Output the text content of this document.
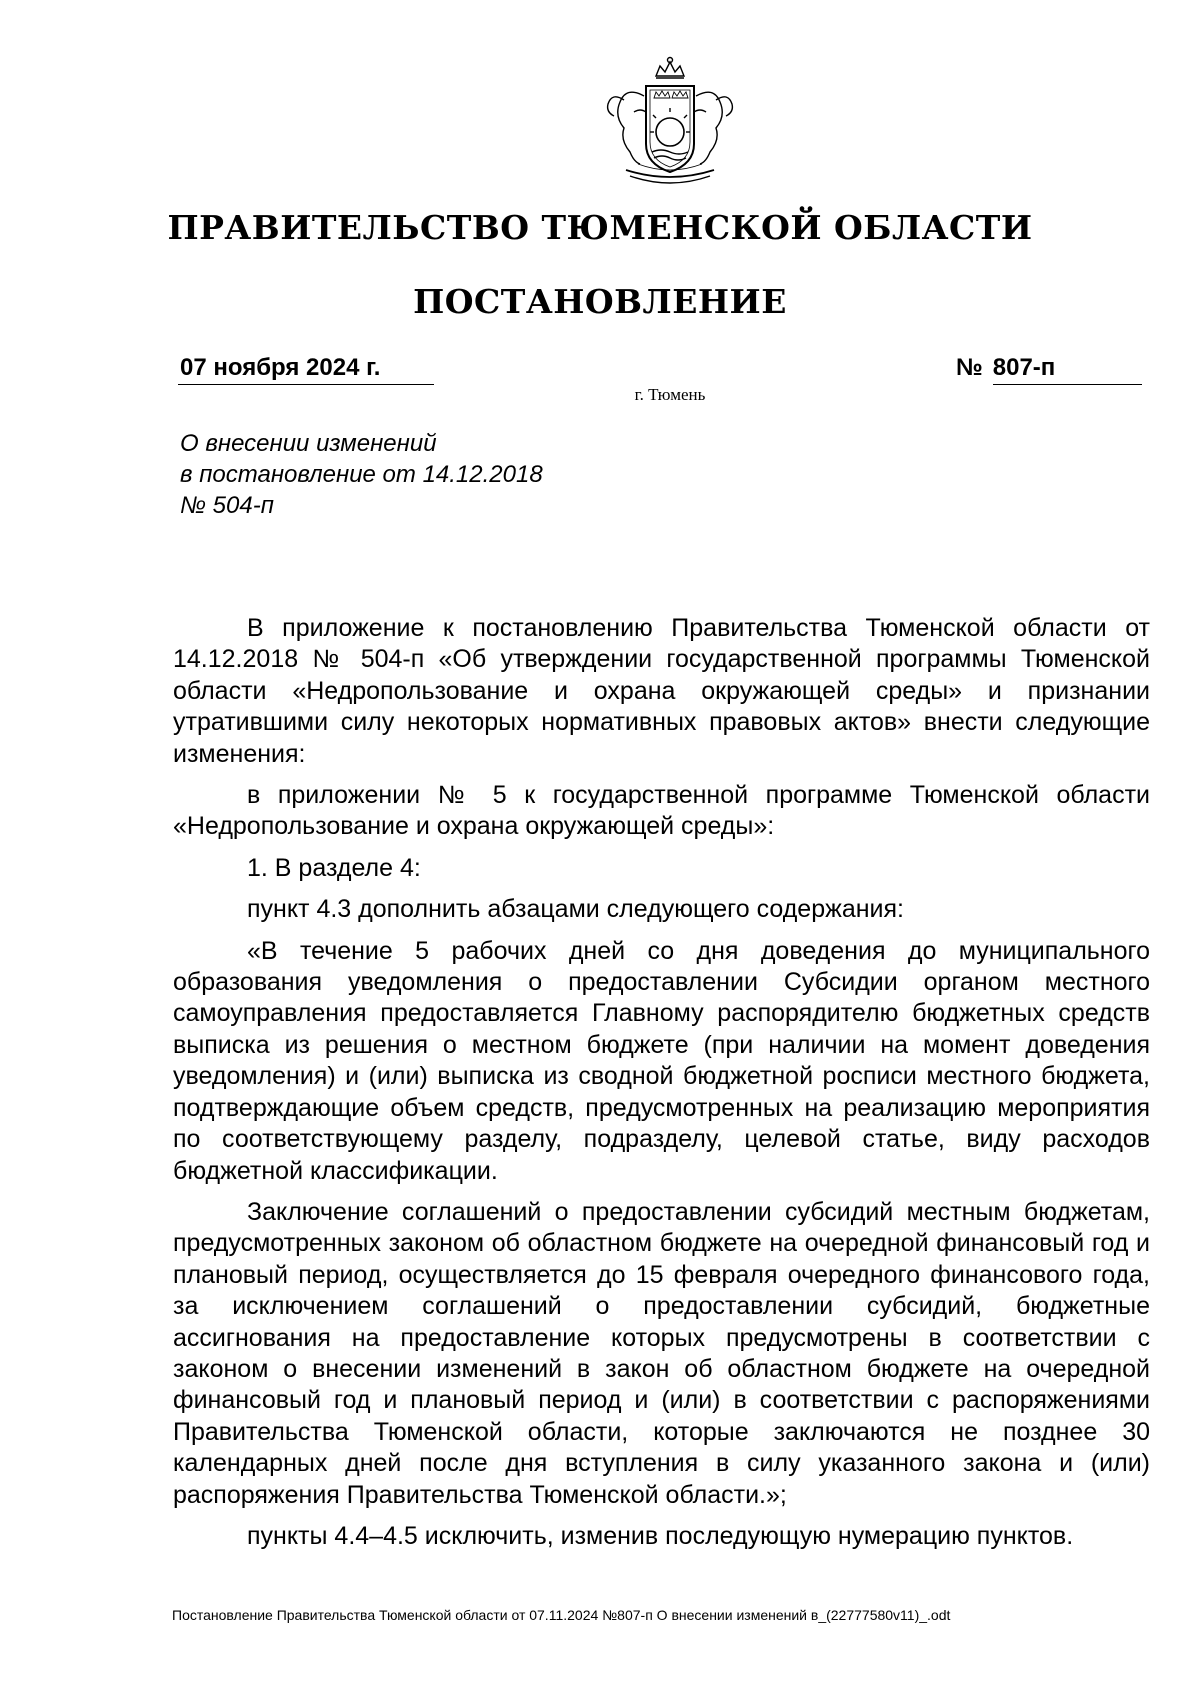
ПРАВИТЕЛЬСТВО ТЮМЕНСКОЙ ОБЛАСТИ
ПОСТАНОВЛЕНИЕ
07 ноября 2024 г.	№ 807-п
г. Тюмень
О внесении изменений
в постановление от 14.12.2018
№ 504-п

В приложение к постановлению Правительства Тюменской области от 14.12.2018 № 504-п «Об утверждении государственной программы Тюменской области «Недропользование и охрана окружающей среды» и признании утратившими силу некоторых нормативных правовых актов» внести следующие изменения:

в приложении № 5 к государственной программе Тюменской области «Недропользование и охрана окружающей среды»:

1. В разделе 4:

пункт 4.3 дополнить абзацами следующего содержания:

«В течение 5 рабочих дней со дня доведения до муниципального образования уведомления о предоставлении Субсидии органом местного самоуправления предоставляется Главному распорядителю бюджетных средств выписка из решения о местном бюджете (при наличии на момент доведения уведомления) и (или) выписка из сводной бюджетной росписи местного бюджета, подтверждающие объем средств, предусмотренных на реализацию мероприятия по соответствующему разделу, подразделу, целевой статье, виду расходов бюджетной классификации.

Заключение соглашений о предоставлении субсидий местным бюджетам, предусмотренных законом об областном бюджете на очередной финансовый год и плановый период, осуществляется до 15 февраля очередного финансового года, за исключением соглашений о предоставлении субсидий, бюджетные ассигнования на предоставление которых предусмотрены в соответствии с законом о внесении изменений в закон об областном бюджете на очередной финансовый год и плановый период и (или) в соответствии с распоряжениями Правительства Тюменской области, которые заключаются не позднее 30 календарных дней после дня вступления в силу указанного закона и (или) распоряжения Правительства Тюменской области.»;

пункты 4.4–4.5 исключить, изменив последующую нумерацию пунктов.

Постановление Правительства Тюменской области от 07.11.2024 №807-п О внесении изменений в_(22777580v11)_.odt
